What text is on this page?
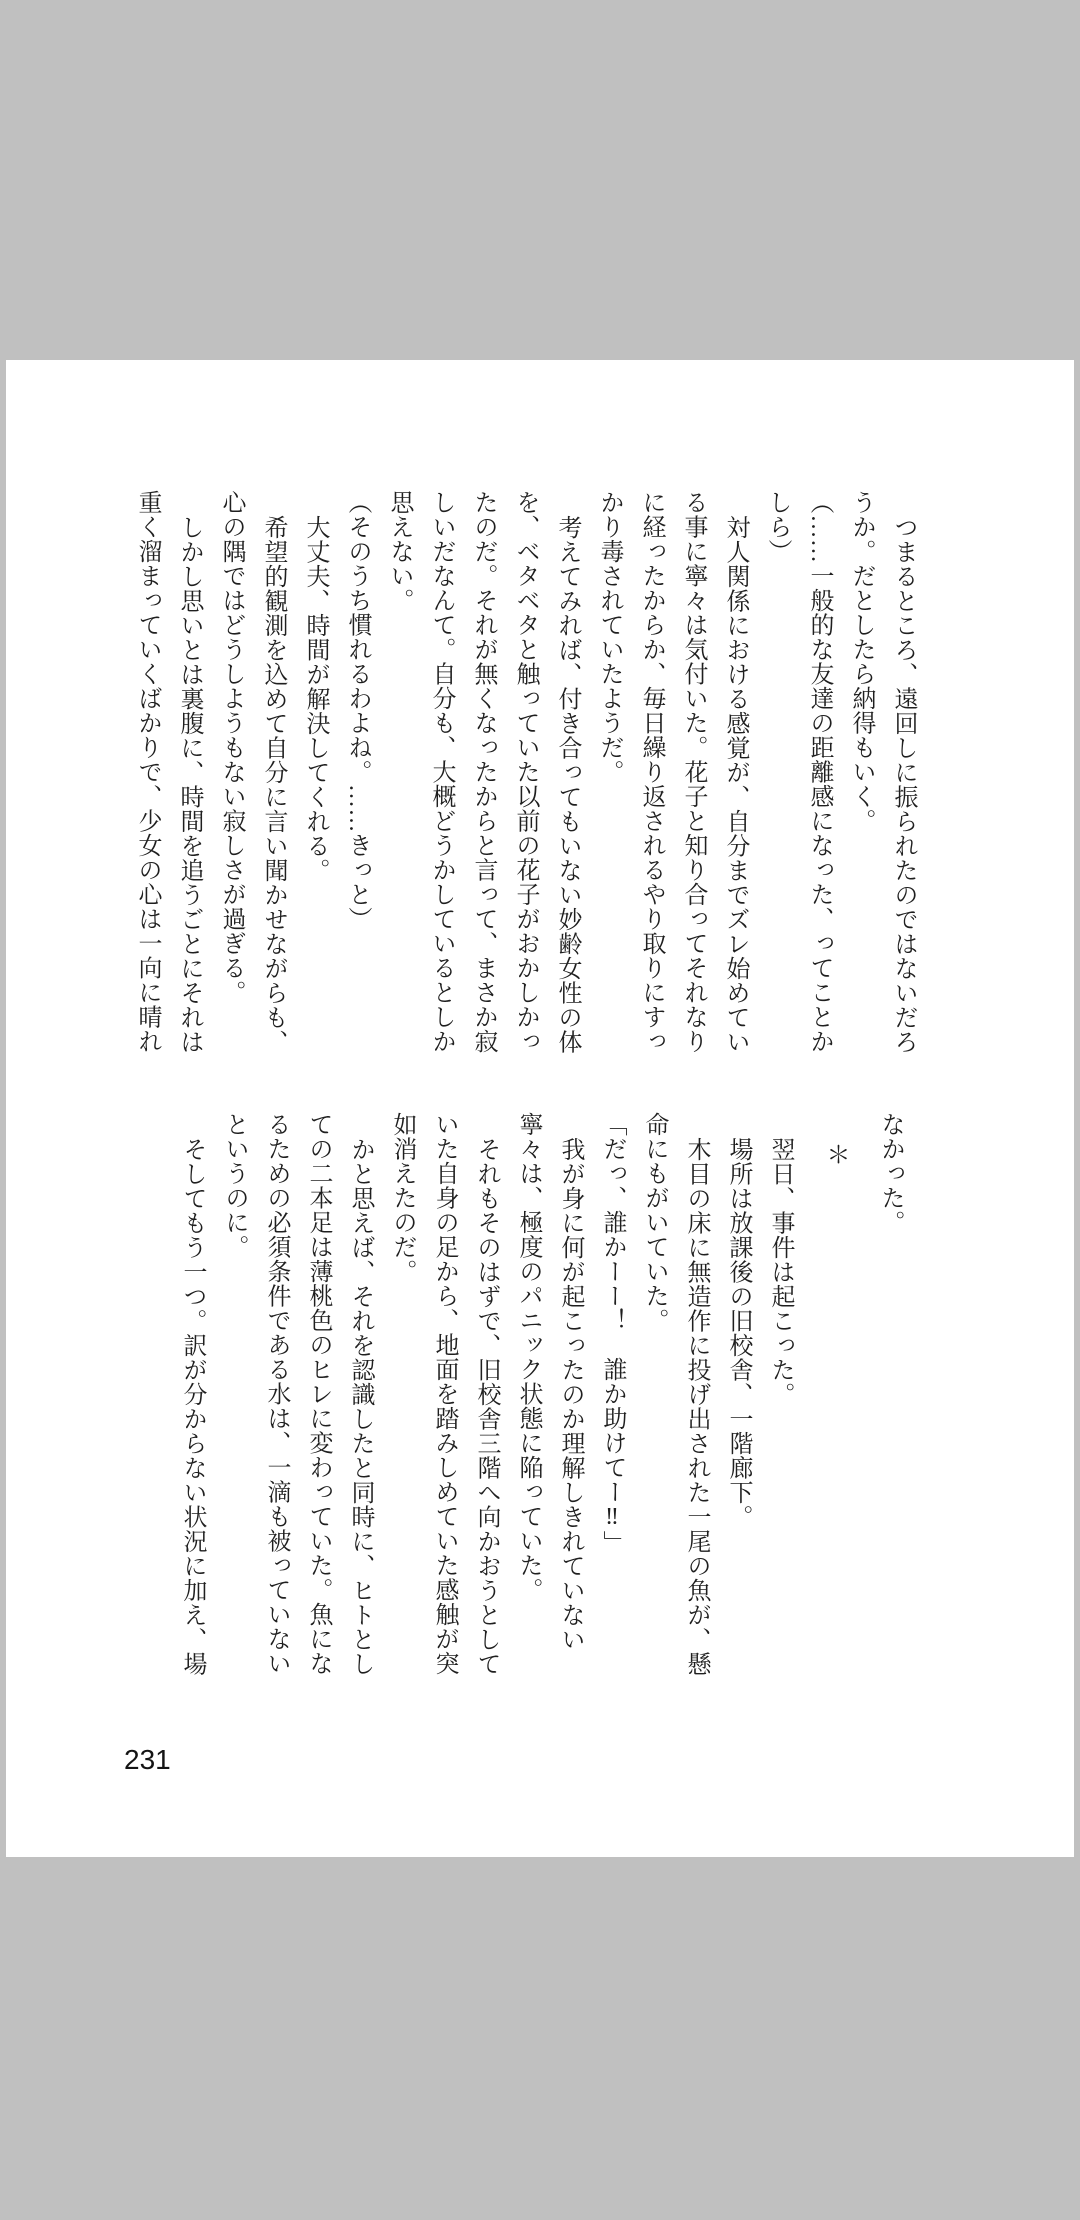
つまるところ、遠回しに振られたのではないだろ

うか。だとしたら納得もいく。

（……一般的な友達の距離感になった、ってことか

しら）

対人関係における感覚が、自分までズレ始めてい

る事に寧々は気付いた。花子と知り合ってそれなり

に経ったからか、毎日繰り返されるやり取りにすっ

かり毒されていたようだ。

考えてみれば、付き合ってもいない妙齢女性の体

を、ベタベタと触っていた以前の花子がおかしかっ

たのだ。それが無くなったからと言って、まさか寂

しいだなんて。自分も、大概どうかしているとしか

思えない。

（そのうち慣れるわよね。……きっと）

大丈夫、時間が解決してくれる。

希望的観測を込めて自分に言い聞かせながらも、

心の隅ではどうしようもない寂しさが過ぎる。

しかし思いとは裏腹に、時間を追うごとにそれは

重く溜まっていくばかりで、少女の心は一向に晴れ

なかった。

＊

翌日、事件は起こった。

場所は放課後の旧校舎、一階廊下。

木目の床に無造作に投げ出された一尾の魚が、懸

命にもがいていた。

「だっ、誰かーー！　誰か助けてー‼」

我が身に何が起こったのか理解しきれていない

寧々は、極度のパニック状態に陥っていた。

それもそのはずで、旧校舎三階へ向かおうとして

いた自身の足から、地面を踏みしめていた感触が突

如消えたのだ。

かと思えば、それを認識したと同時に、ヒトとし

ての二本足は薄桃色のヒレに変わっていた。魚にな

るための必須条件である水は、一滴も被っていない

というのに。

そしてもう一つ。訳が分からない状況に加え、場

231
